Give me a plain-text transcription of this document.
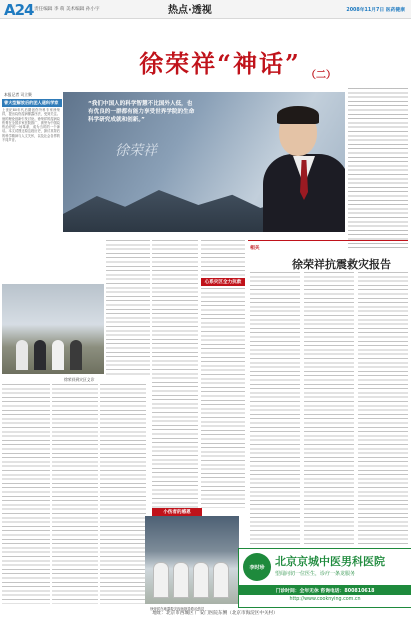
A24 责任编辑 李 萌 美术编辑 孙小宇	热点·透视	2008年11月7日 医药健康
徐荣祥“神话” （二）
本报记者 司立聚
曾大型解放后的团人道科学家
上世纪80年代后期创伤外科专家徐荣祥，提出烧伤湿润暴露疗法，受到关注。他的理论创新引发讨论。徐荣祥的湿润烧伤膏在全国多家医院推广，被誉为中国烧伤治疗的一场革命，成为当时的一个神话。本文试图还原这段历史，探讨其背后的科学精神与人文关怀，以及社会各界的不同声音。
“我们中国人的科学智慧不比国外人低，也有优良的一群都有能力享受世界学院的生命科学研究成就和创新。”
徐荣祥
徐荣祥到灾区义诊
心系灾区全力抗救
小伤者的感恩
相关
徐荣祥抗震救灾报告
徐荣祥在地震救灾现场指导救治伤员
李时珍 北京京城中医男科医院
望闻问切一位医生，诊疗一条龙服务
门诊时间：全年无休 咨询电话：800810618
http://www.cooknying.com.cn
地址：北京市西城区 广安门医院东侧（北京市海淀区中关村）
